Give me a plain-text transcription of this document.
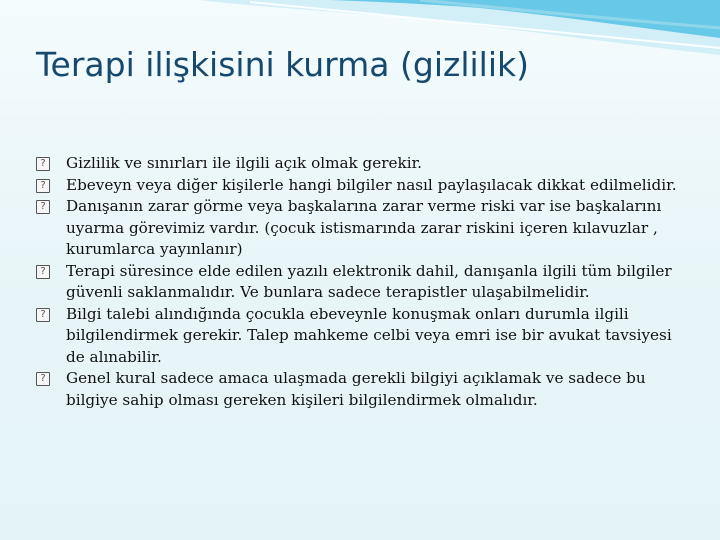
Terapi ilişkisini kurma (gizlilik)
? Gizlilik ve sınırları ile ilgili açık olmak gerekir.
? Ebeveyn veya diğer kişilerle hangi bilgiler nasıl paylaşılacak dikkat edilmelidir.
? Danışanın zarar görme veya başkalarına zarar verme riski var ise başkalarını uyarma görevimiz vardır. (çocuk istismarında zarar riskini içeren kılavuzlar , kurumlarca yayınlanır)
? Terapi süresince elde edilen yazılı elektronik dahil, danışanla ilgili tüm bilgiler güvenli saklanmalıdır. Ve bunlara sadece terapistler ulaşabilmelidir.
? Bilgi talebi alındığında çocukla ebeveynle konuşmak onları durumla ilgili bilgilendirmek gerekir. Talep mahkeme celbi veya emri ise bir avukat tavsiyesi de alınabilir.
? Genel kural sadece amaca ulaşmada gerekli bilgiyi açıklamak ve sadece bu bilgiye sahip olması gereken kişileri bilgilendirmek olmalıdır.
